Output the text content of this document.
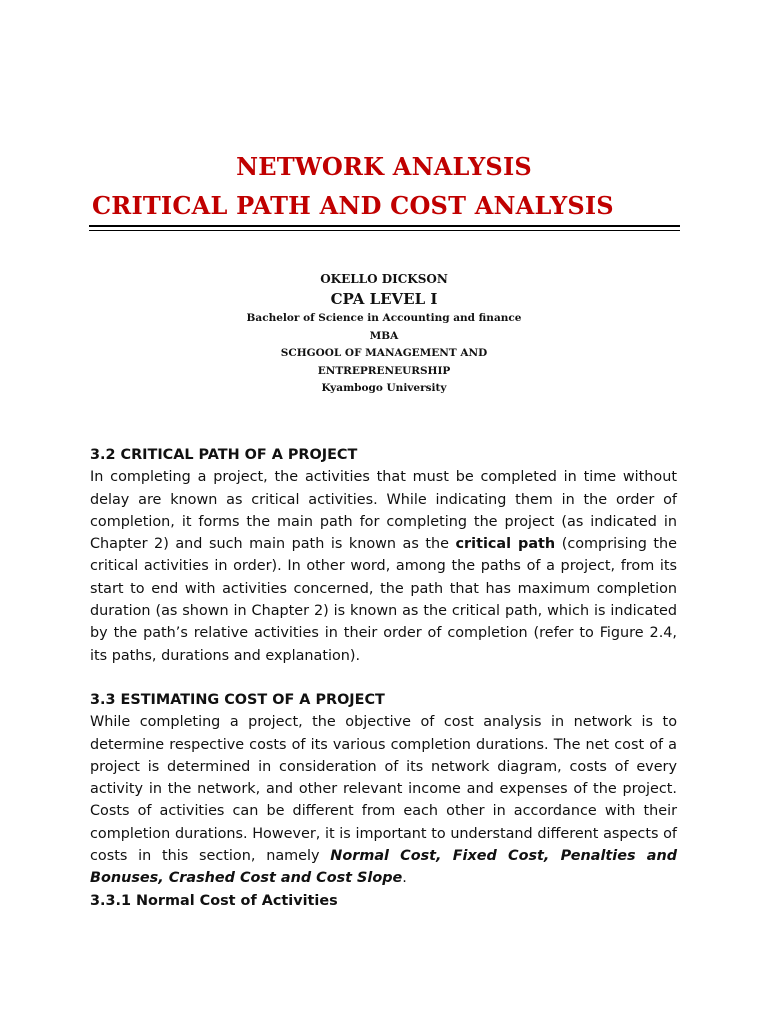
NETWORK ANALYSIS
CRITICAL PATH AND COST ANALYSIS
OKELLO DICKSON
CPA LEVEL I
Bachelor of Science in Accounting and finance
MBA
SCHGOOL OF MANAGEMENT AND
ENTREPRENEURSHIP
Kyambogo University
3.2 CRITICAL PATH OF A PROJECT

In completing a project, the activities that must be completed in time without delay are known as critical activities. While indicating them in the order of completion, it forms the main path for completing the project (as indicated in Chapter 2) and such main path is known as the critical path (comprising the critical activities in order). In other word, among the paths of a project, from its start to end with activities concerned, the path that has maximum completion duration (as shown in Chapter 2) is known as the critical path, which is indicated by the path’s relative activities in their order of completion (refer to Figure 2.4, its paths, durations and explanation).

3.3 ESTIMATING COST OF A PROJECT

While completing a project, the objective of cost analysis in network is to determine respective costs of its various completion durations. The net cost of a project is determined in consideration of its network diagram, costs of every activity in the network, and other relevant income and expenses of the project. Costs of activities can be different from each other in accordance with their completion durations. However, it is important to understand different aspects of costs in this section, namely Normal Cost, Fixed Cost, Penalties and Bonuses, Crashed Cost and Cost Slope.

3.3.1 Normal Cost of Activities
